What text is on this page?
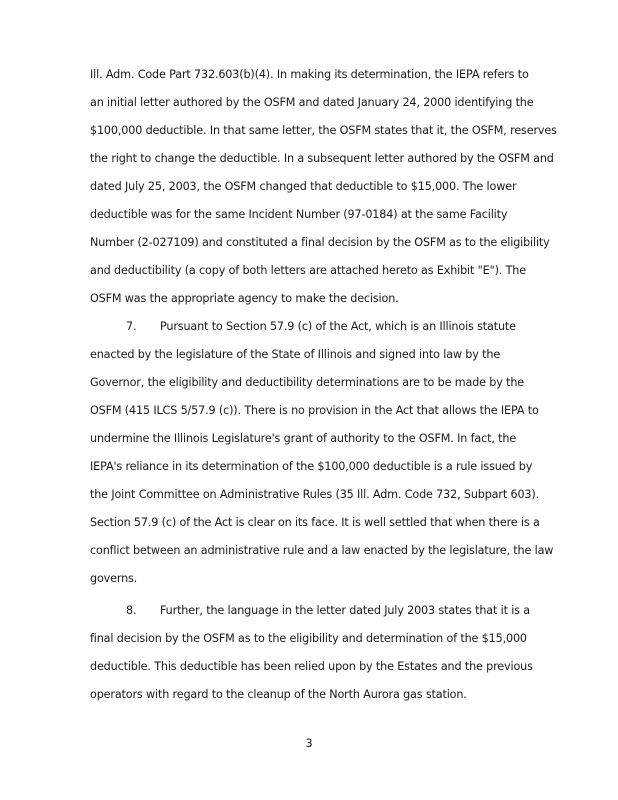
Ill. Adm. Code Part 732.603(b)(4). In making its determination, the IEPA refers to
an initial letter authored by the OSFM and dated January 24, 2000 identifying the
$100,000 deductible. In that same letter, the OSFM states that it, the OSFM, reserves
the right to change the deductible. In a subsequent letter authored by the OSFM and
dated July 25, 2003, the OSFM changed that deductible to $15,000. The lower
deductible was for the same Incident Number (97-0184) at the same Facility
Number (2-027109) and constituted a final decision by the OSFM as to the eligibility
and deductibility (a copy of both letters are attached hereto as Exhibit "E"). The
OSFM was the appropriate agency to make the decision.
7. Pursuant to Section 57.9 (c) of the Act, which is an Illinois statute
enacted by the legislature of the State of Illinois and signed into law by the
Governor, the eligibility and deductibility determinations are to be made by the
OSFM (415 ILCS 5/57.9 (c)). There is no provision in the Act that allows the IEPA to
undermine the Illinois Legislature's grant of authority to the OSFM. In fact, the
IEPA's reliance in its determination of the $100,000 deductible is a rule issued by
the Joint Committee on Administrative Rules (35 Ill. Adm. Code 732, Subpart 603).
Section 57.9 (c) of the Act is clear on its face. It is well settled that when there is a
conflict between an administrative rule and a law enacted by the legislature, the law
governs.
8. Further, the language in the letter dated July 2003 states that it is a
final decision by the OSFM as to the eligibility and determination of the $15,000
deductible. This deductible has been relied upon by the Estates and the previous
operators with regard to the cleanup of the North Aurora gas station.
3
